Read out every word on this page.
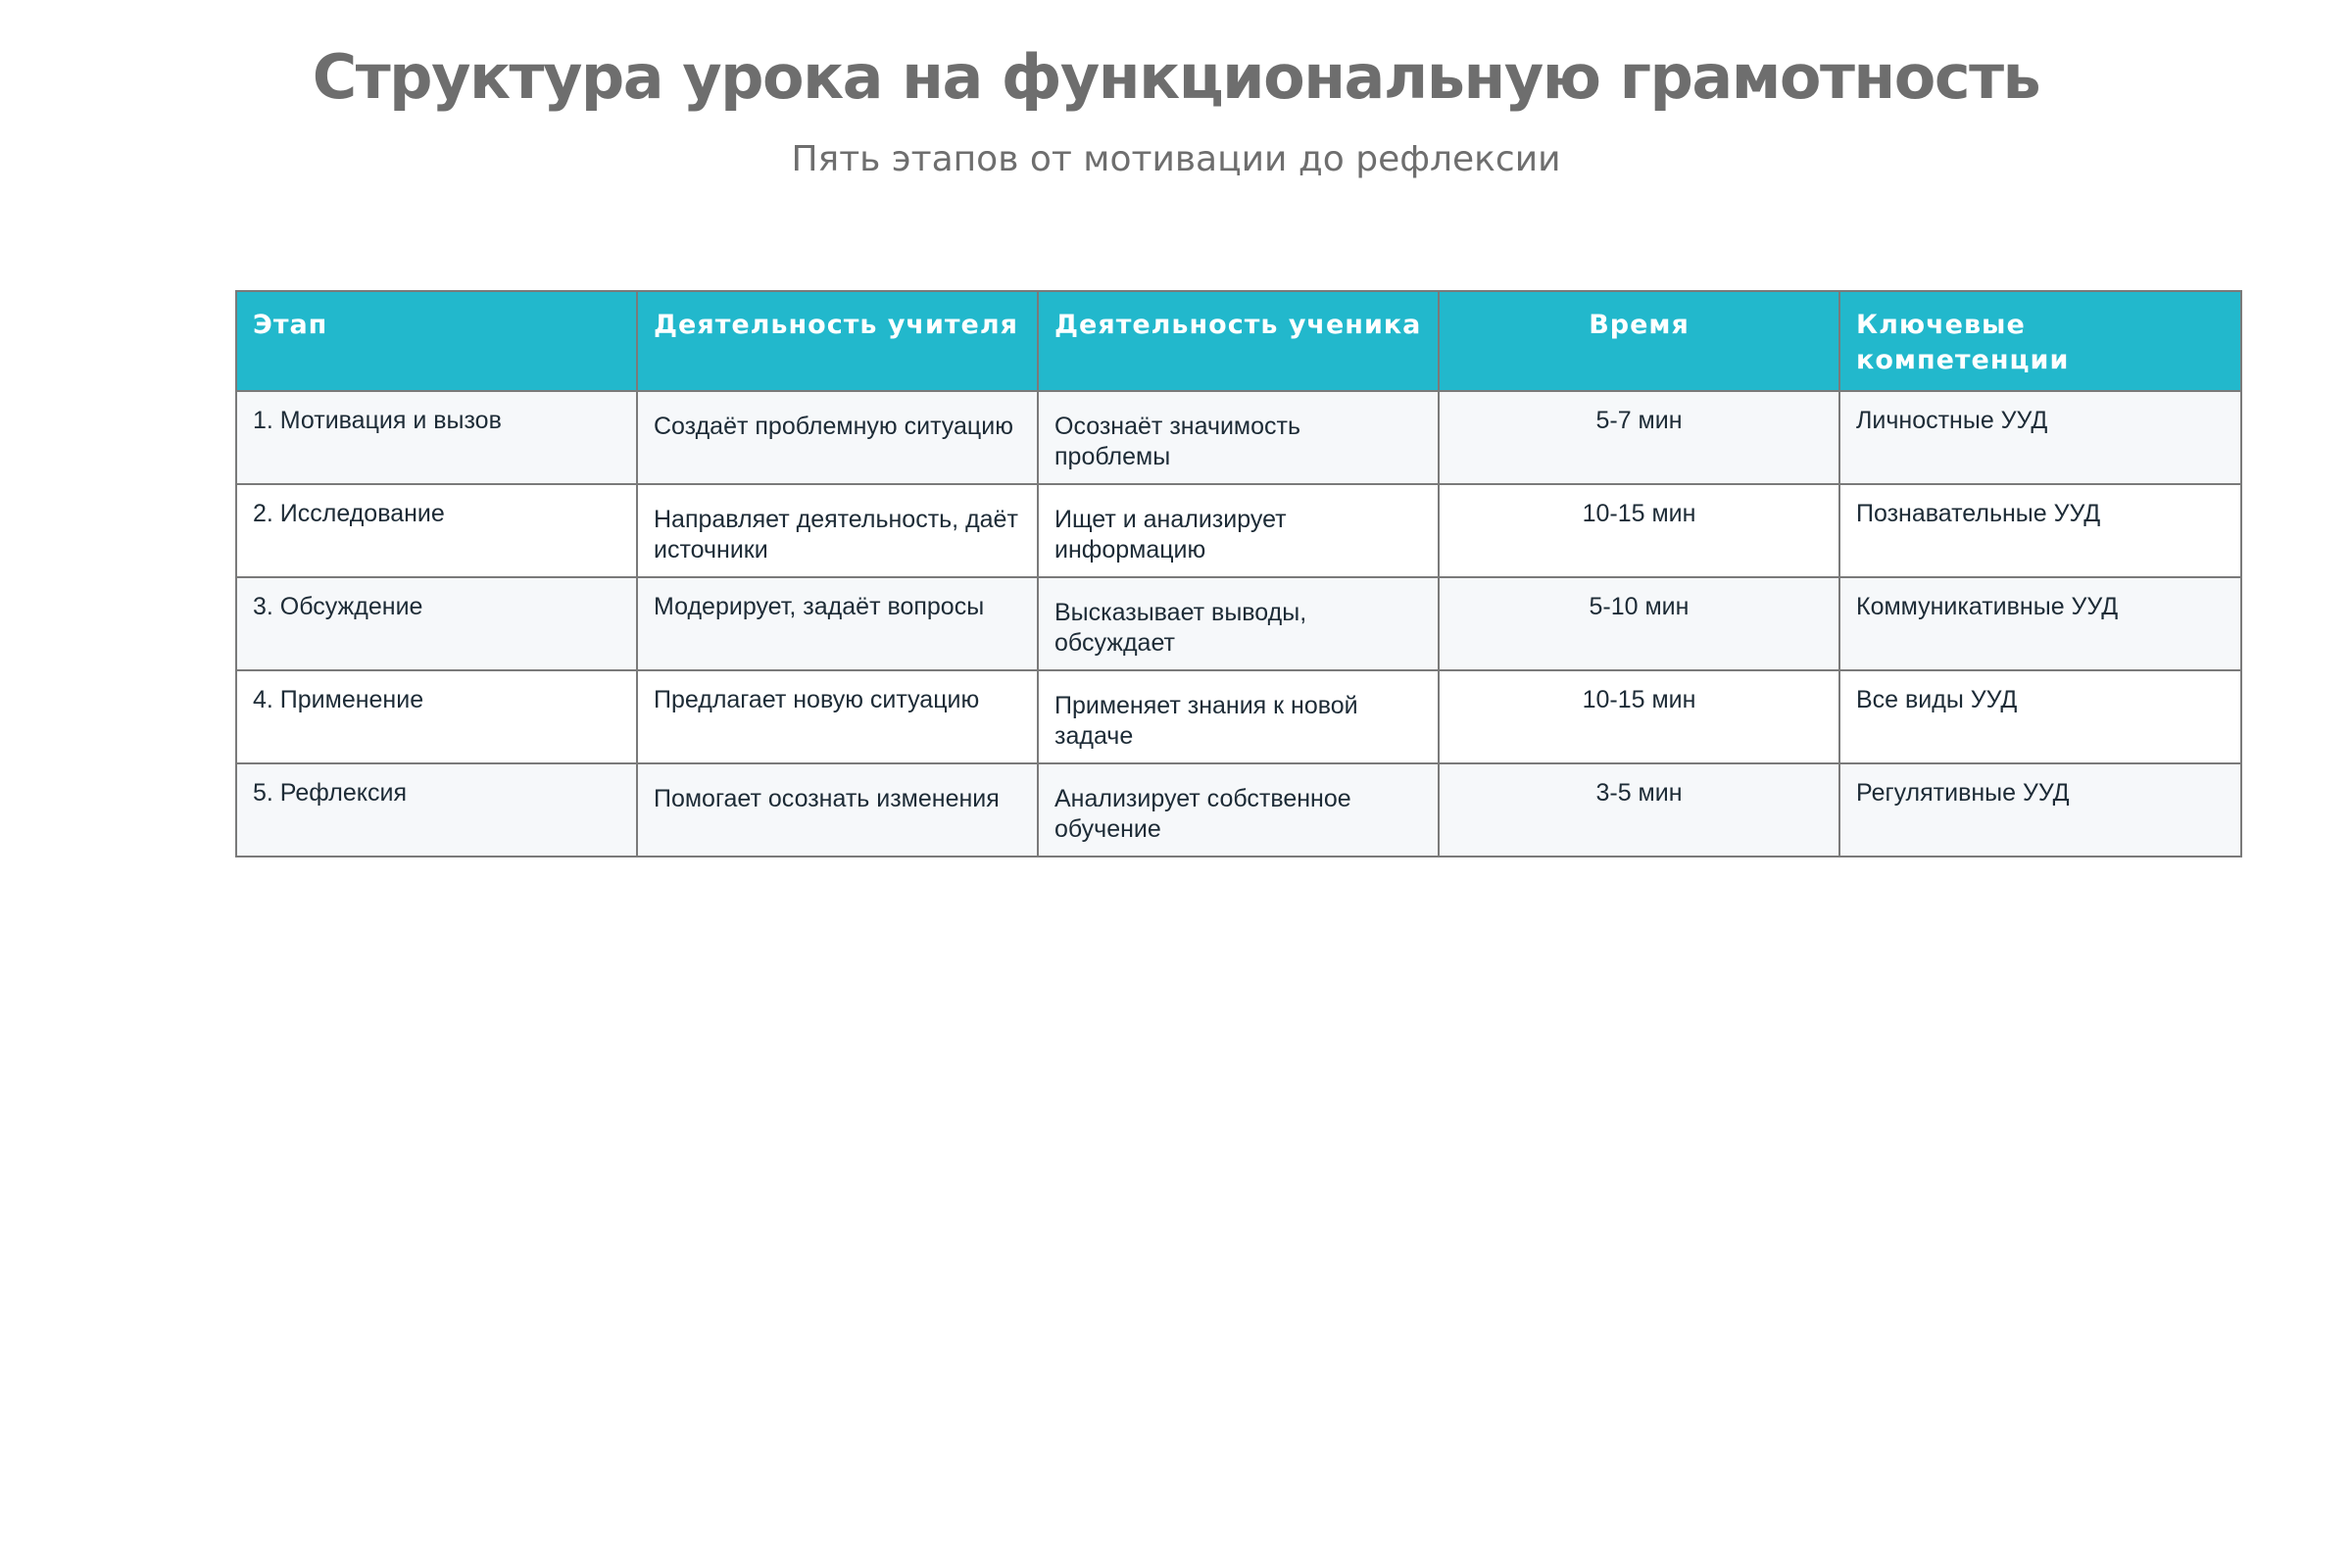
Структура урока на функциональную грамотность
Пять этапов от мотивации до рефлексии
Этап	Деятельность учителя	Деятельность ученика	Время	Ключевые компетенции
1. Мотивация и вызов	Создаёт проблемную ситуацию	Осознаёт значимость проблемы	5-7 мин	Личностные УУД
2. Исследование	Направляет деятельность, даёт источники	Ищет и анализирует информацию	10-15 мин	Познавательные УУД
3. Обсуждение	Модерирует, задаёт вопросы	Высказывает выводы, обсуждает	5-10 мин	Коммуникативные УУД
4. Применение	Предлагает новую ситуацию	Применяет знания к новой задаче	10-15 мин	Все виды УУД
5. Рефлексия	Помогает осознать изменения	Анализирует собственное обучение	3-5 мин	Регулятивные УУД
